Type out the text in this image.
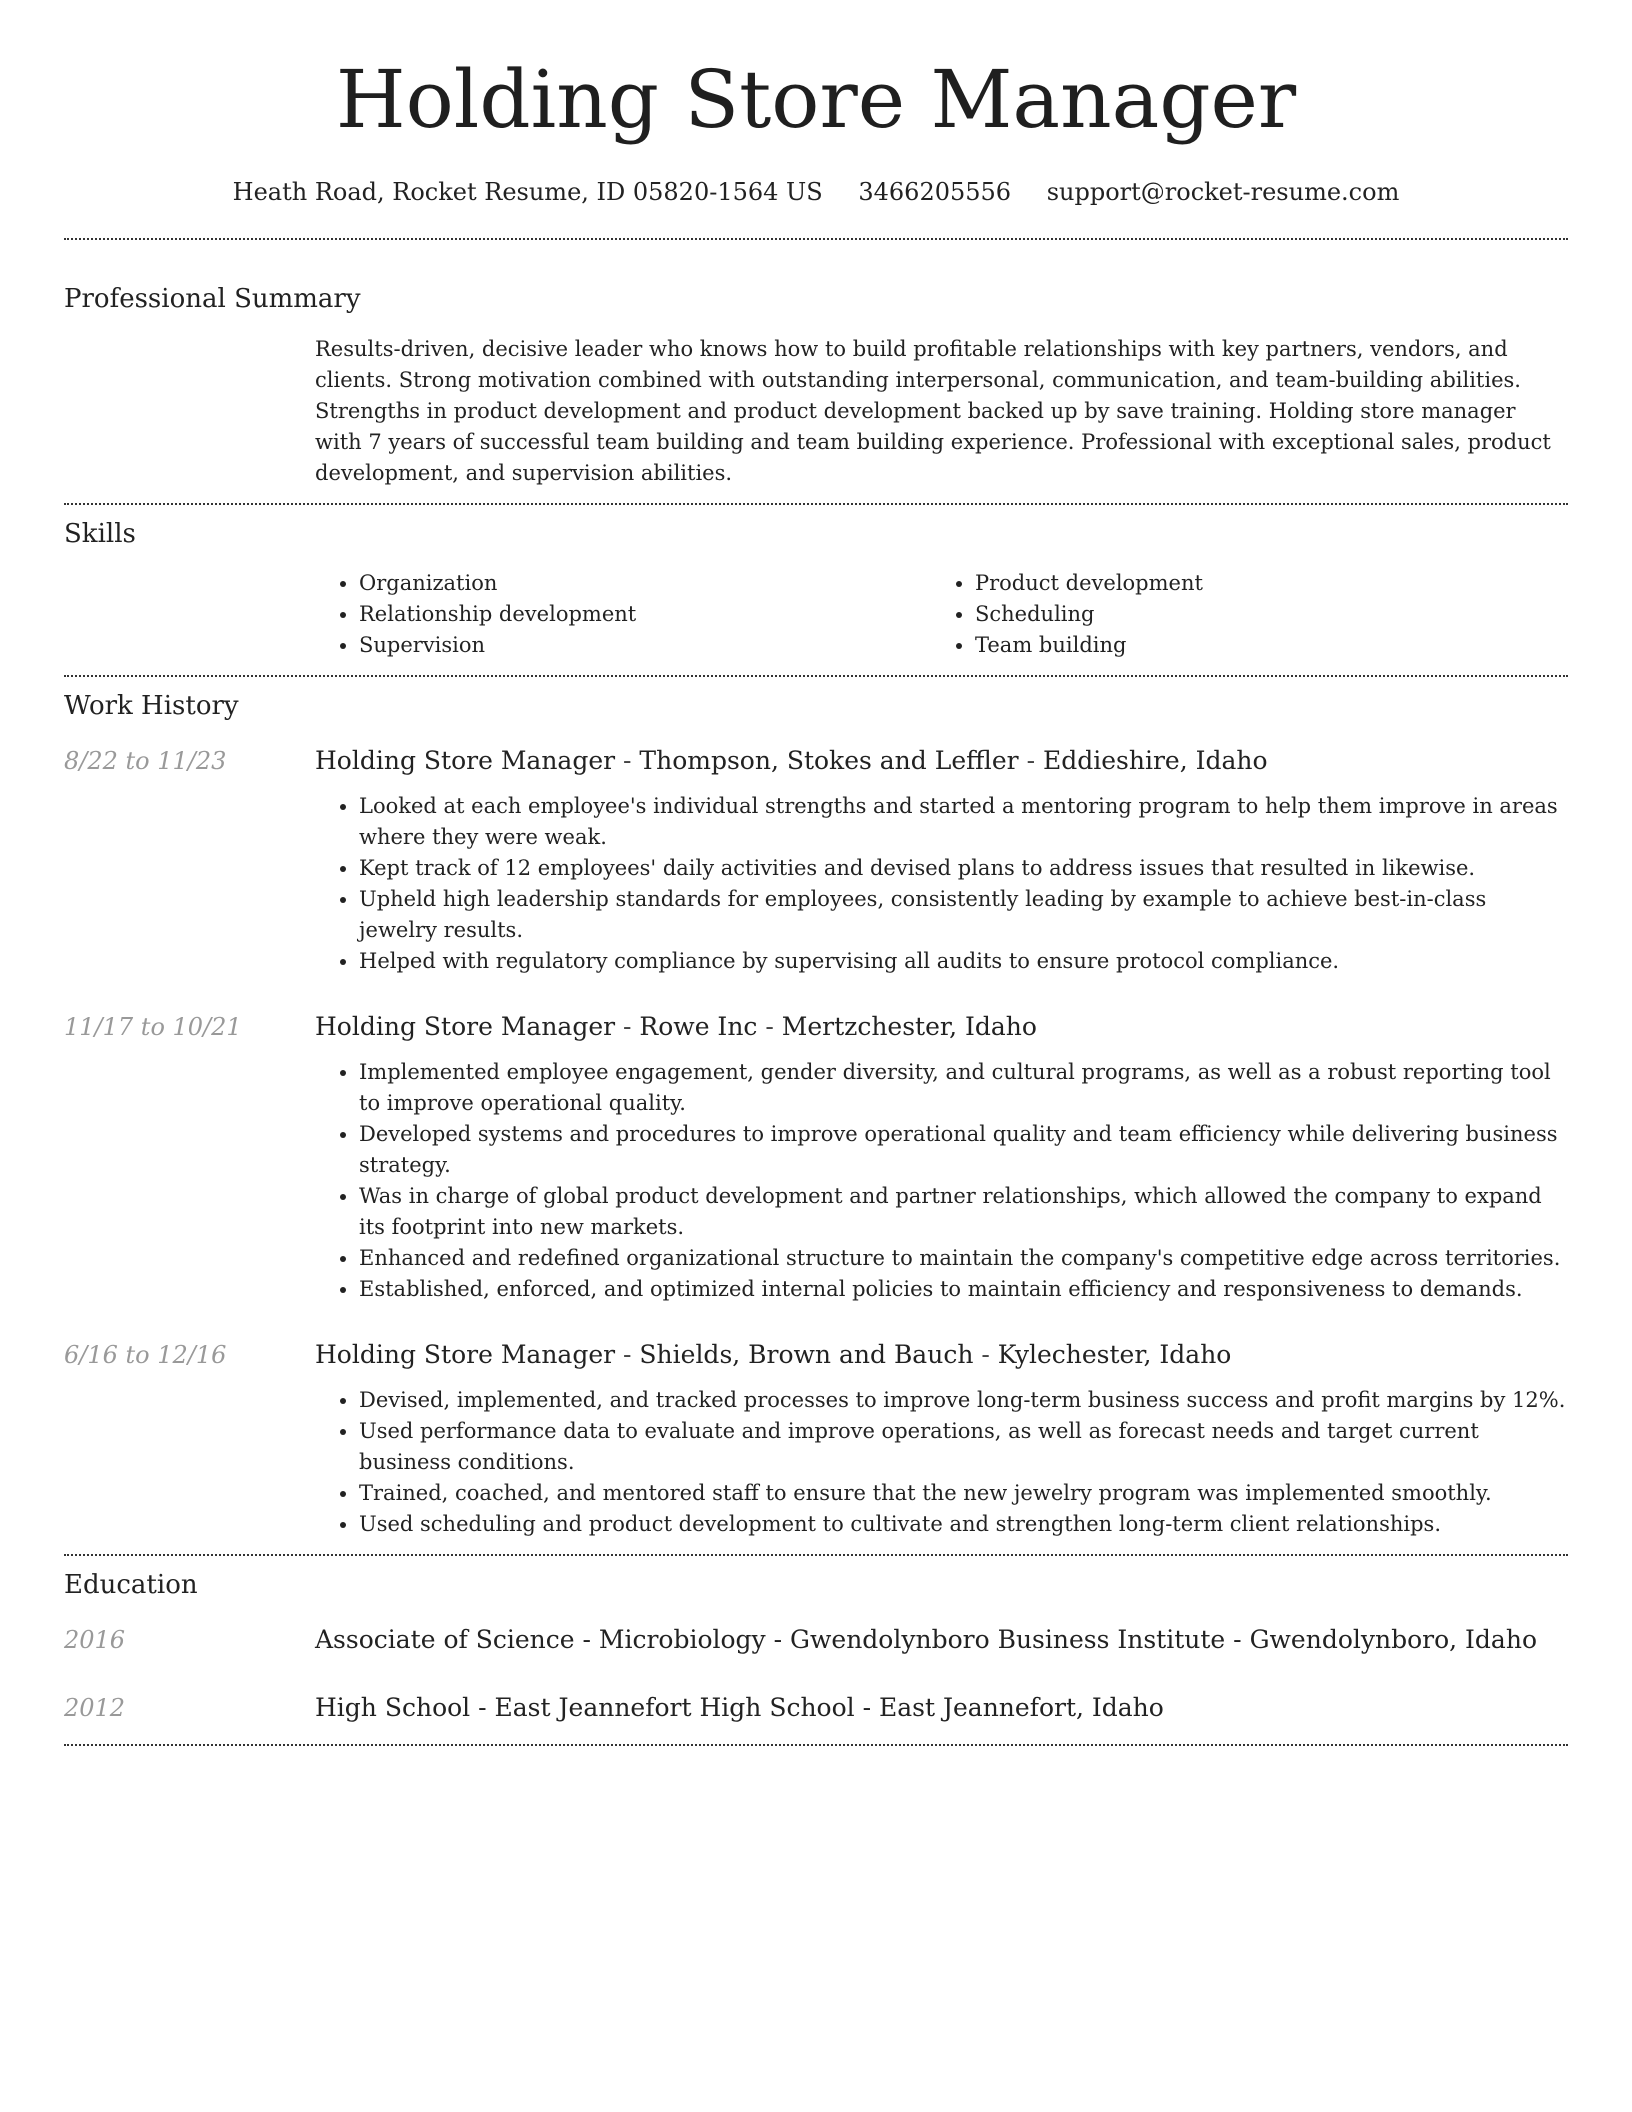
Holding Store Manager
Heath Road, Rocket Resume, ID 05820-1564 US 3466205556 support@rocket-resume.com
Professional Summary

Results-driven, decisive leader who knows how to build profitable relationships with key partners, vendors, and clients. Strong motivation combined with outstanding interpersonal, communication, and team-building abilities. Strengths in product development and product development backed up by save training. Holding store manager with 7 years of successful team building and team building experience. Professional with exceptional sales, product development, and supervision abilities.

Skills
• Organization
• Relationship development
• Supervision
• Product development
• Scheduling
• Team building
Work History
8/22 to 11/23	Holding Store Manager - Thompson, Stokes and Leffler - Eddieshire, Idaho
• Looked at each employee's individual strengths and started a mentoring program to help them improve in areas where they were weak.
• Kept track of 12 employees' daily activities and devised plans to address issues that resulted in likewise.
• Upheld high leadership standards for employees, consistently leading by example to achieve best-in-class jewelry results.
• Helped with regulatory compliance by supervising all audits to ensure protocol compliance.
11/17 to 10/21	Holding Store Manager - Rowe Inc - Mertzchester, Idaho
• Implemented employee engagement, gender diversity, and cultural programs, as well as a robust reporting tool to improve operational quality.
• Developed systems and procedures to improve operational quality and team efficiency while delivering business strategy.
• Was in charge of global product development and partner relationships, which allowed the company to expand its footprint into new markets.
• Enhanced and redefined organizational structure to maintain the company's competitive edge across territories.
• Established, enforced, and optimized internal policies to maintain efficiency and responsiveness to demands.
6/16 to 12/16	Holding Store Manager - Shields, Brown and Bauch - Kylechester, Idaho
• Devised, implemented, and tracked processes to improve long-term business success and profit margins by 12%.
• Used performance data to evaluate and improve operations, as well as forecast needs and target current business conditions.
• Trained, coached, and mentored staff to ensure that the new jewelry program was implemented smoothly.
• Used scheduling and product development to cultivate and strengthen long-term client relationships.
Education
2016	Associate of Science - Microbiology - Gwendolynboro Business Institute - Gwendolynboro, Idaho
2012	High School - East Jeannefort High School - East Jeannefort, Idaho
